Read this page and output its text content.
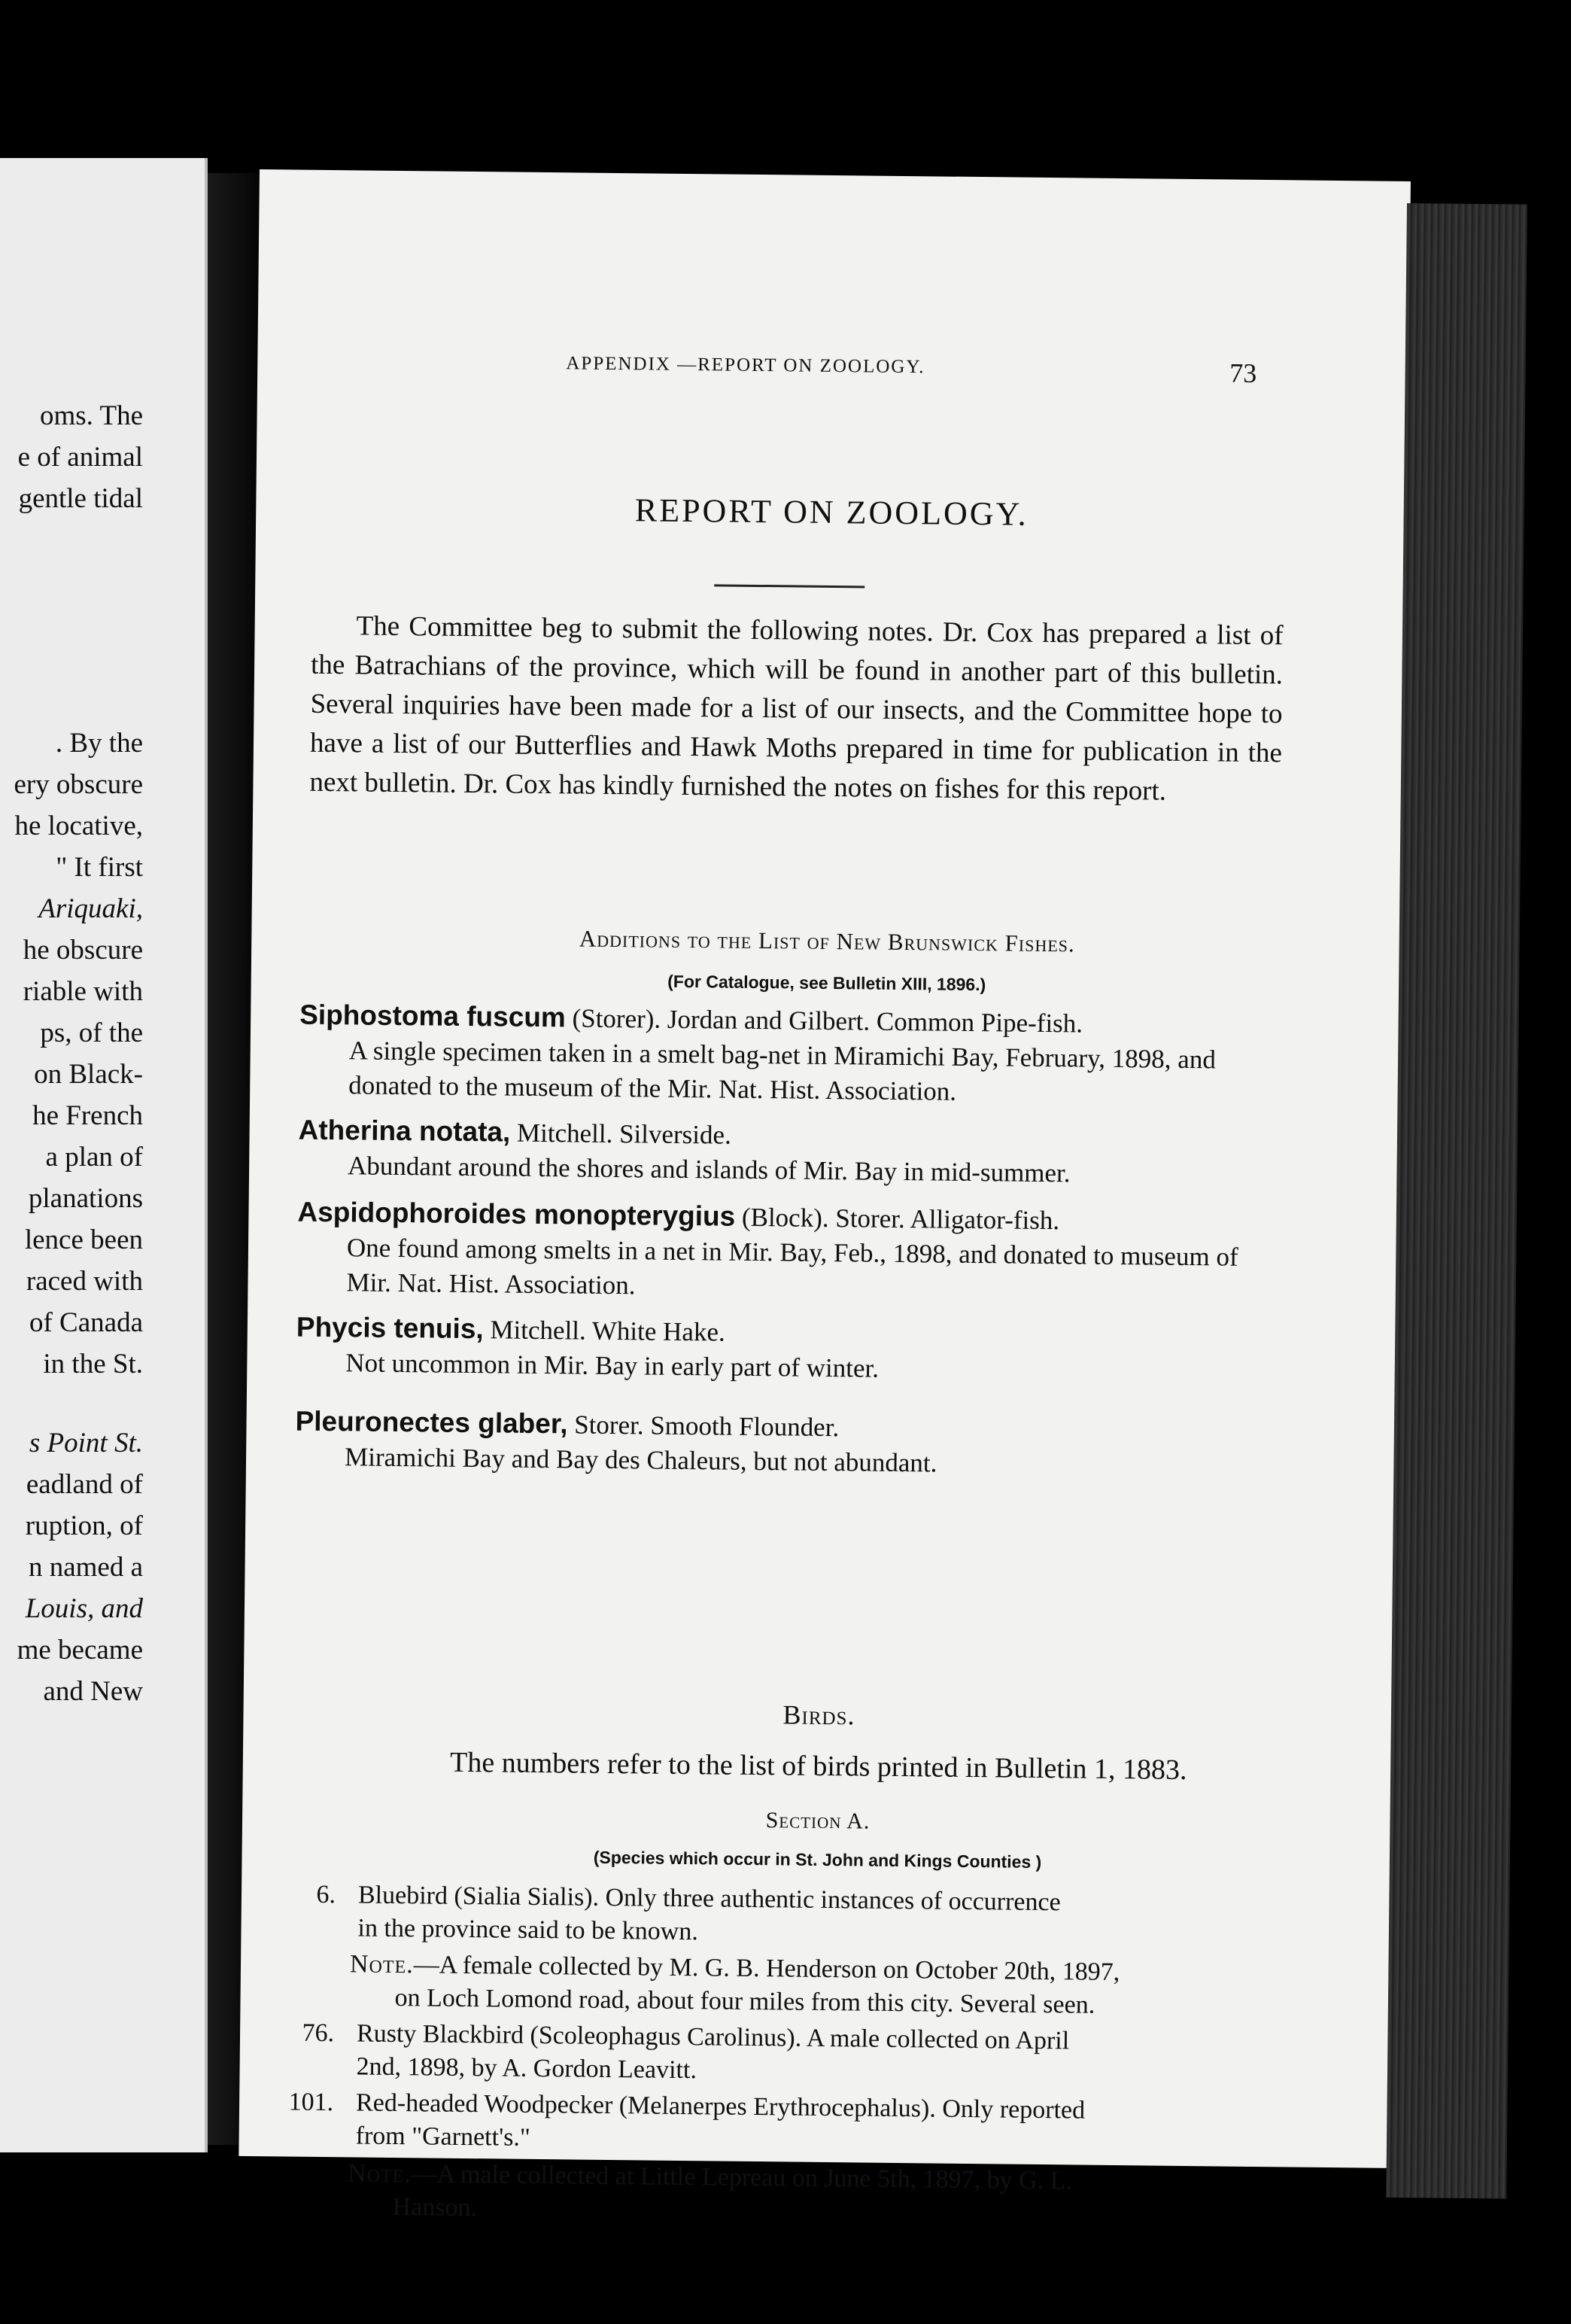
oms. The
e of animal
gentle tidal
. By the
ery obscure
he locative,
" It first
Ariquaki,
he obscure
riable with
ps, of the
on Black-
he French
a plan of
planations
lence been
raced with
of Canada
in the St.
s Point St.
eadland of
ruption, of
n named a
Louis, and
me became
and New
APPENDIX —REPORT ON ZOOLOGY.	73
REPORT ON ZOOLOGY.
The Committee beg to submit the following notes. Dr. Cox has prepared a list of the Batrachians of the province, which will be found in another part of this bulletin. Several inquiries have been made for a list of our insects, and the Committee hope to have a list of our Butterflies and Hawk Moths prepared in time for publication in the next bulletin. Dr. Cox has kindly furnished the notes on fishes for this report.
Additions to the List of New Brunswick Fishes.
(For Catalogue, see Bulletin XIII, 1896.)
Siphostoma fuscum (Storer). Jordan and Gilbert. Common Pipe-fish.
A single specimen taken in a smelt bag-net in Miramichi Bay, February, 1898, and donated to the museum of the Mir. Nat. Hist. Association.
Atherina notata, Mitchell. Silverside.
Abundant around the shores and islands of Mir. Bay in mid-summer.
Aspidophoroides monopterygius (Block). Storer. Alligator-fish.
One found among smelts in a net in Mir. Bay, Feb., 1898, and donated to museum of Mir. Nat. Hist. Association.
Phycis tenuis, Mitchell. White Hake.
Not uncommon in Mir. Bay in early part of winter.
Pleuronectes glaber, Storer. Smooth Flounder.
Miramichi Bay and Bay des Chaleurs, but not abundant.
Birds.
The numbers refer to the list of birds printed in Bulletin 1, 1883.
Section A.
(Species which occur in St. John and Kings Counties )
6. Bluebird (Sialia Sialis). Only three authentic instances of occurrence
in the province said to be known.
Note.—A female collected by M. G. B. Henderson on October 20th, 1897,
on Loch Lomond road, about four miles from this city. Several seen.
76. Rusty Blackbird (Scoleophagus Carolinus). A male collected on April
2nd, 1898, by A. Gordon Leavitt.
101. Red-headed Woodpecker (Melanerpes Erythrocephalus). Only reported
from "Garnett's."
Note.—A male collected at Little Lepreau on June 5th, 1897, by G. L.
Hanson.
